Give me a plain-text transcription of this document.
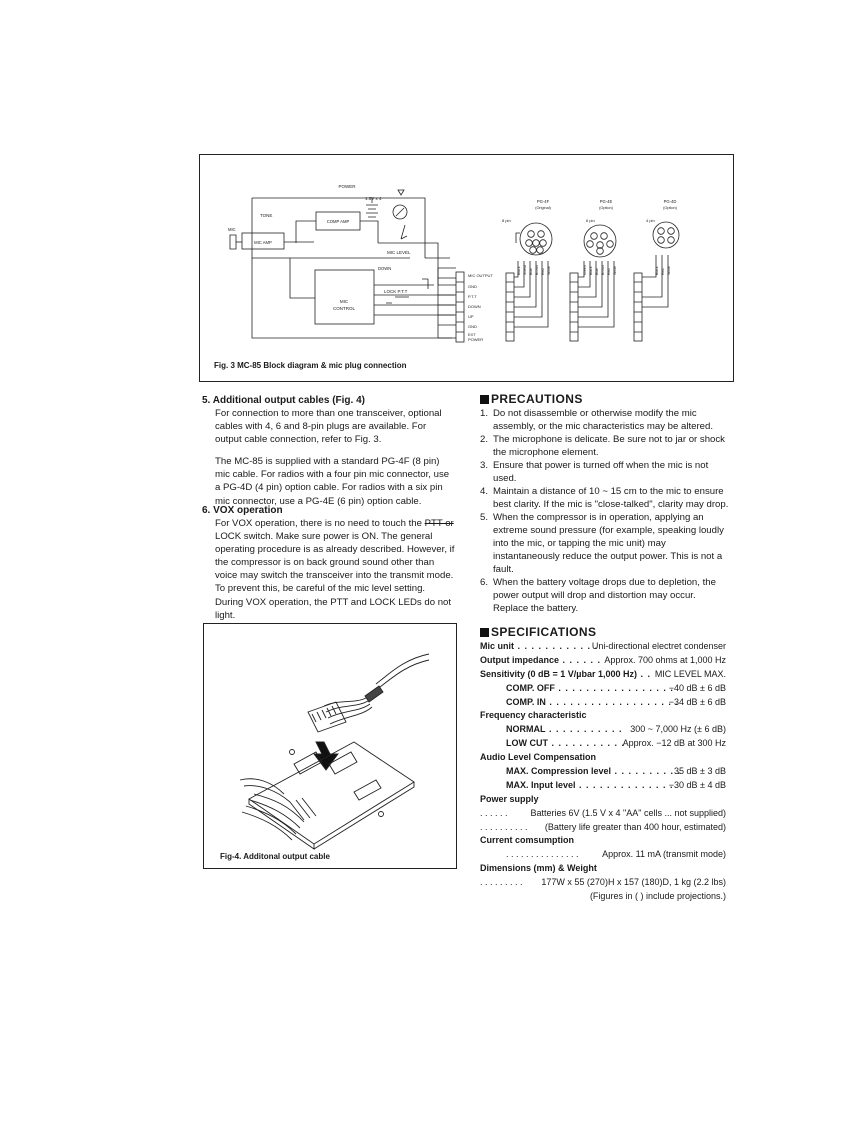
POWER
1.5V x 4
TONE
COMP AMP
MIC
MIC AMP
MIC LEVEL
DOWN
LOCK P.T.T
MIC
CONTROL
MIC OUTPUT
GND
P.T.T
DOWN
UP
GND
EXT
POWER
PG-4F
(Original)
8 pin
PG-4E
(Option)
6 pin
PG-4D
(Option)
4 pin
Black Shield Blue Brown Red White	Green Black Blue Brown Red White	Black Red White
Fig. 3 MC-85 Block diagram & mic plug connection
5. Additional output cables (Fig. 4)

For connection to more than one transceiver, optional cables with 4, 6 and 8-pin plugs are available. For output cable connection, refer to Fig. 3.

The MC-85 is supplied with a standard PG-4F (8 pin) mic cable. For radios with a four pin mic connector, use a PG-4D (4 pin) option cable. For radios with a six pin mic connector, use a PG-4E (6 pin) option cable.

6. VOX operation

For VOX operation, there is no need to touch the PTT or LOCK switch. Make sure power is ON. The general operating procedure is as already described. However, if the compressor is on back ground sound other than voice may switch the transceiver into the transmit mode. To prevent this, be careful of the mic level setting. During VOX operation, the PTT and LOCK LEDs do not light.

PRECAUTIONS
1. Do not disassemble or otherwise modify the mic assembly, or the mic characteristics may be altered.
2. The microphone is delicate. Be sure not to jar or shock the microphone element.
3. Ensure that power is turned off when the mic is not used.
4. Maintain a distance of 10 ~ 15 cm to the mic to ensure best clarity. If the mic is "close-talked", clarity may drop.
5. When the compressor is in operation, applying an extreme sound pressure (for example, speaking loudly into the mic, or tapping the mic unit) may instantaneously reduce the output power. This is not a fault.
6. When the battery voltage drops due to depletion, the power output will drop and distortion may occur. Replace the battery.
Fig-4. Additonal output cable
SPECIFICATIONS
Mic unit . . . . . . . . . . . .
Uni-directional electret condenser
Output impedance . . . . . . Approx. 700 ohms at 1,000 Hz
Sensitivity (0 dB = 1 V/µbar 1,000 Hz) . . MIC LEVEL MAX.
COMP. OFF . . . . . . . . . . . . . . . . .
−40 dB ± 6 dB
COMP. IN . . . . . . . . . . . . . . . . . . .
−34 dB ± 6 dB
Frequency characteristic
NORMAL . . . . . . . . . . . 300 ~ 7,000 Hz (± 6 dB)
LOW CUT . . . . . . . . . . .
Approx. −12 dB at 300 Hz
Audio Level Compensation
MAX. Compression level . . . . . . . . . .
35 dB ± 3 dB
MAX. Input level . . . . . . . . . . . . . .
−30 dB ± 4 dB
Power supply
. . . . . .	Batteries 6V (1.5 V x 4 "AA" cells ... not supplied)
. . . . . . . . . . (Battery life greater than 400 hour, estimated)
Current comsumption
. . . . . . . . . . . . . . .	Approx. 11 mA (transmit mode)
Dimensions (mm) & Weight
. . . . . . . . . 177W x 55 (270)H x 157 (180)D, 1 kg (2.2 lbs)
(Figures in ( ) include projections.)
